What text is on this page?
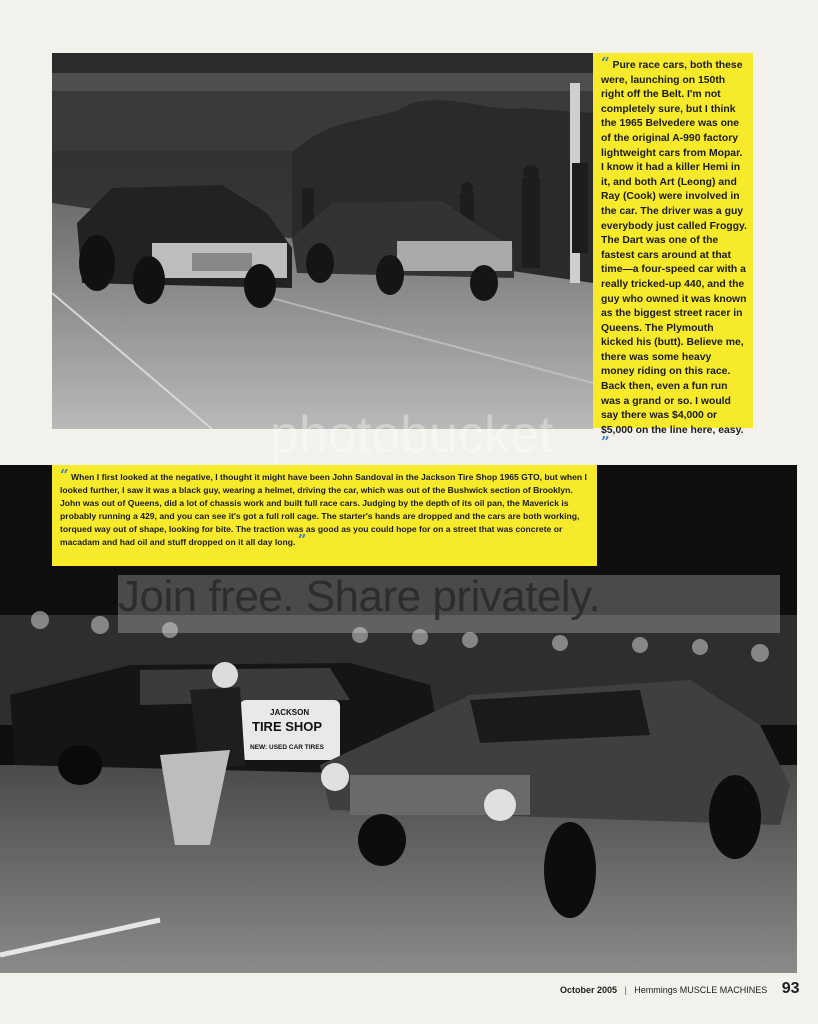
“ Pure race cars, both these were, launching on 150th right off the Belt. I'm not completely sure, but I think the 1965 Belvedere was one of the original A-990 factory lightweight cars from Mopar. I know it had a killer Hemi in it, and both Art (Leong) and Ray (Cook) were involved in the car. The driver was a guy everybody just called Froggy. The Dart was one of the fastest cars around at that time—a four-speed car with a really tricked-up 440, and the guy who owned it was known as the biggest street racer in Queens. The Plymouth kicked his (butt). Believe me, there was some heavy money riding on this race. Back then, even a fun run was a grand or so. I would say there was $4,000 or $5,000 on the line here, easy. ”
photobucket
JACKSON
TIRE SHOP
NEW: USED CAR TIRES
“ When I first looked at the negative, I thought it might have been John Sandoval in the Jackson Tire Shop 1965 GTO, but when I looked further, I saw it was a black guy, wearing a helmet, driving the car, which was out of the Bushwick section of Brooklyn. John was out of Queens, did a lot of chassis work and built full race cars. Judging by the depth of its oil pan, the Maverick is probably running a 429, and you can see it's got a full roll cage. The starter's hands are dropped and the cars are both working, torqued way out of shape, looking for bite. The traction was as good as you could hope for on a street that was concrete or macadam and had oil and stuff dropped on it all day long. ”
Join free. Share privately.
October 2005 | Hemmings MUSCLE MACHINES 93
